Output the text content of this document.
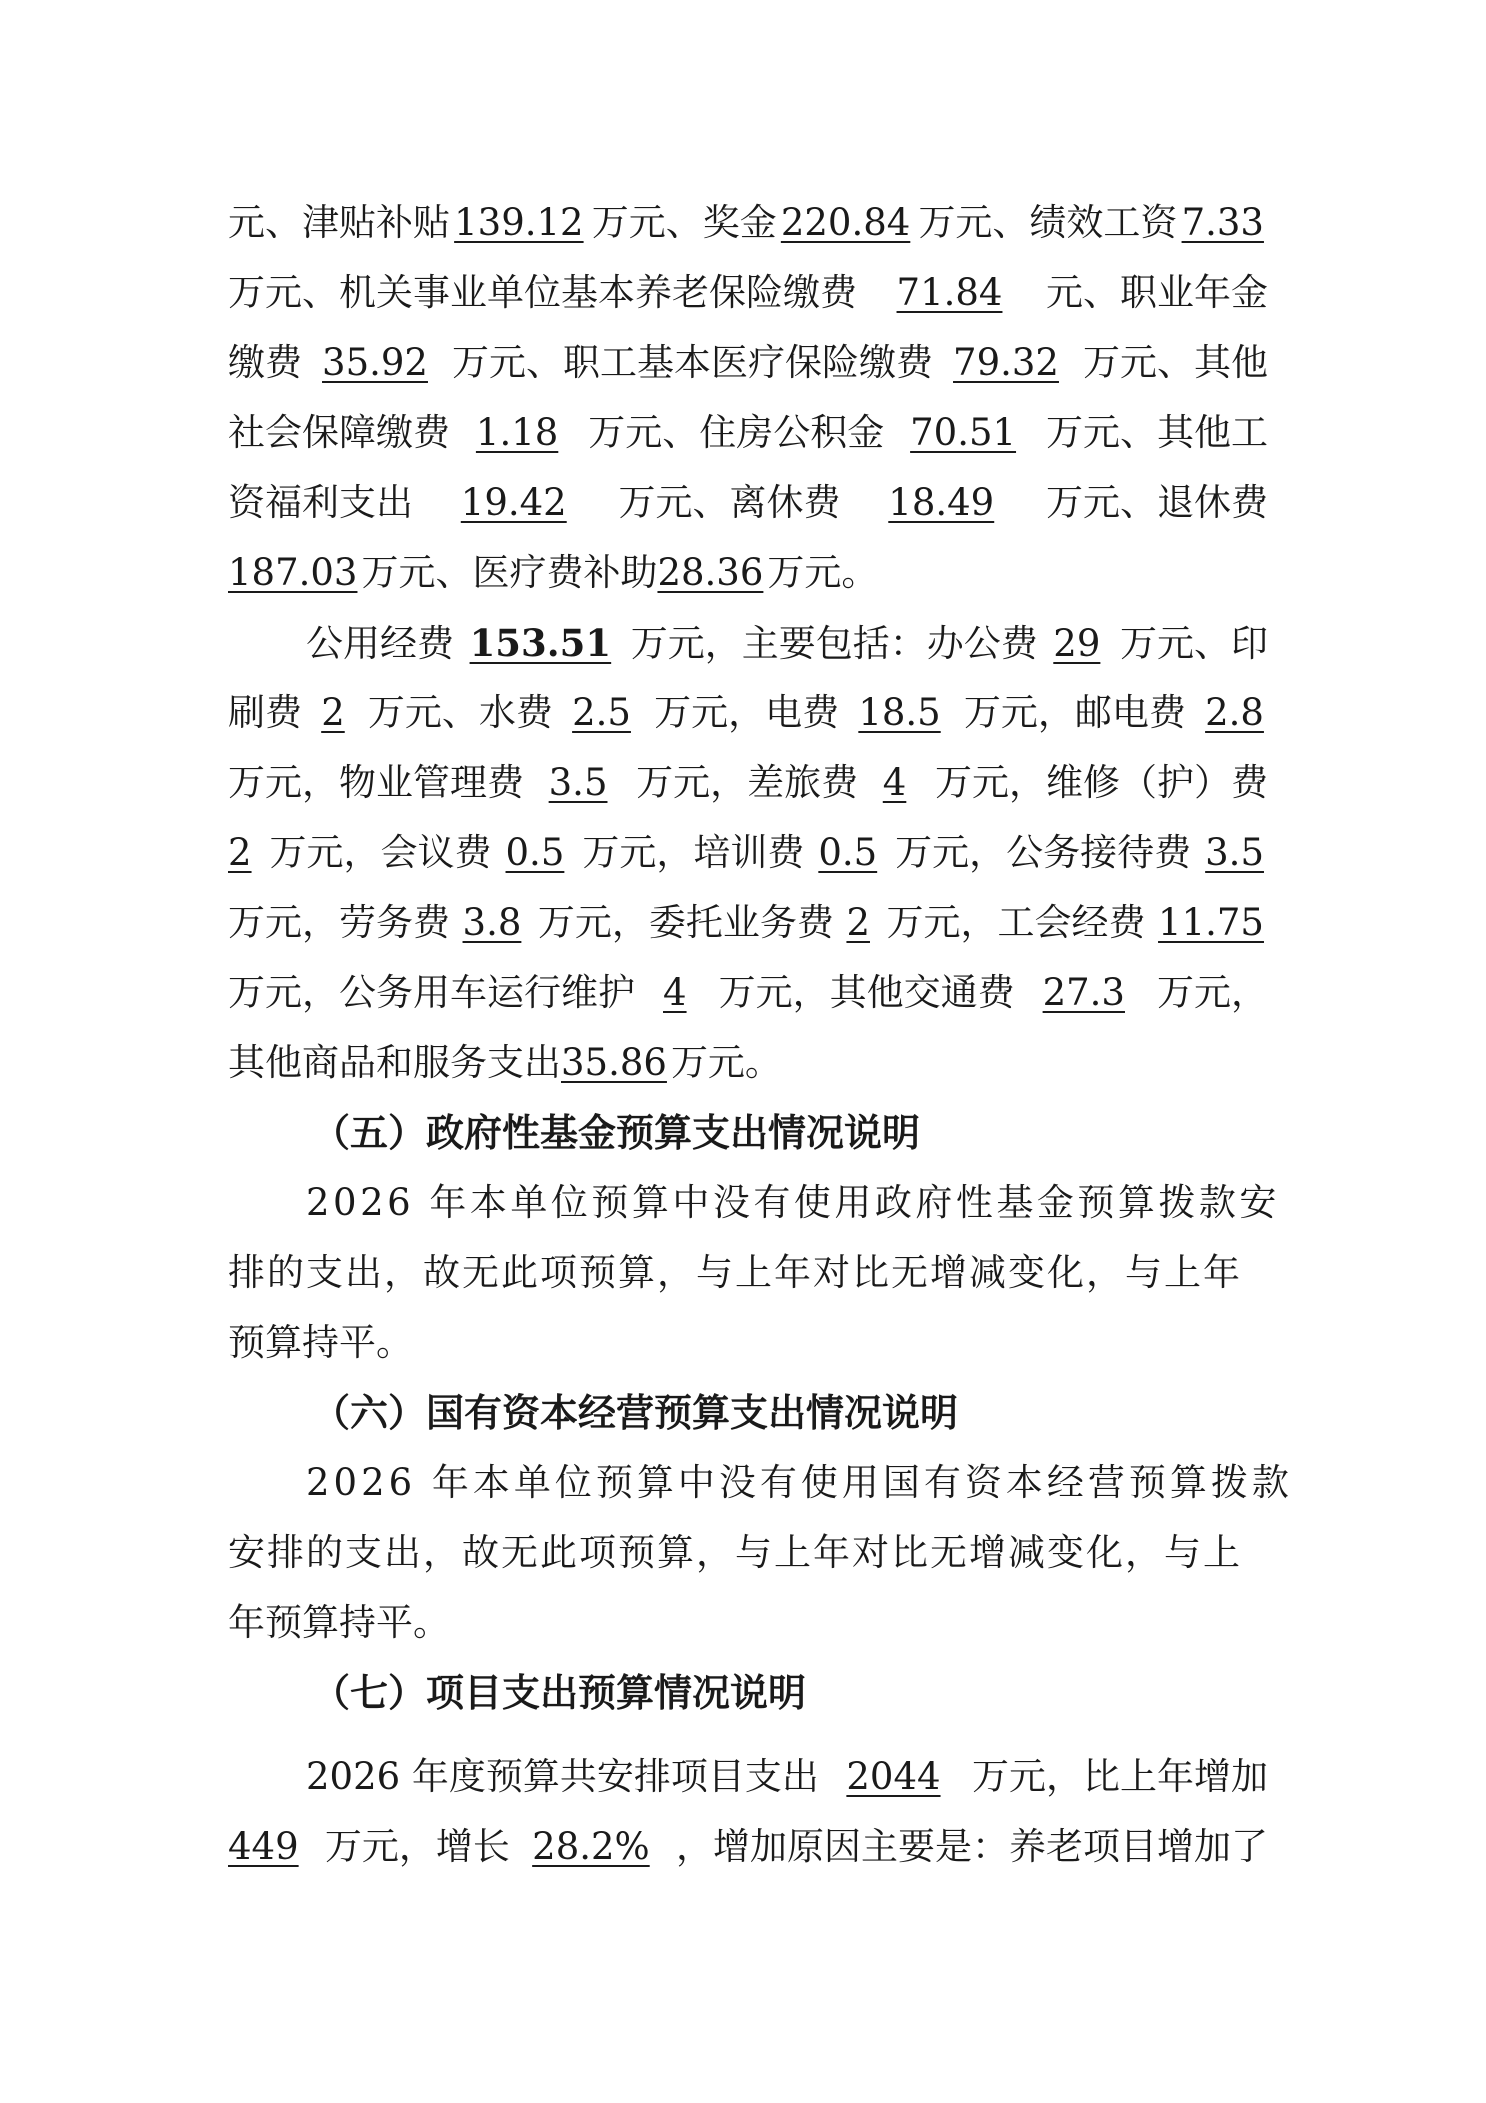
元、津贴补贴 139.12 万元、奖金 220.84 万元、绩效工资 7.33
万元、机关事业单位基本养老保险缴费 71.84 元、职业年金
缴费 35.92 万元、职工基本医疗保险缴费 79.32 万元、其他
社会保障缴费 1.18 万元、住房公积金 70.51 万元、其他工
资福利支出 19.42 万元、离休费 18.49 万元、退休费
187.03 万元、医疗费补助 28.36 万元。
公用经费 153.51 万元，主要包括：办公费 29 万元、印
刷费 2 万元、水费 2.5 万元，电费 18.5 万元，邮电费 2.8
万元，物业管理费 3.5 万元，差旅费 4 万元，维修（护）费
2 万元，会议费 0.5 万元，培训费 0.5 万元，公务接待费 3.5
万元，劳务费 3.8 万元，委托业务费 2 万元，工会经费 11.75
万元，公务用车运行维护 4 万元，其他交通费 27.3 万元，
其他商品和服务支出 35.86 万元。
（五）政府性基金预算支出情况说明
2026 年本单位预算中没有使用政府性基金预算拨款安
排的支出，故无此项预算，与上年对比无增减变化，与上年
预算持平。
（六）国有资本经营预算支出情况说明
2026 年本单位预算中没有使用国有资本经营预算拨款
安排的支出，故无此项预算，与上年对比无增减变化，与上
年预算持平。
（七）项目支出预算情况说明
2026 年度预算共安排项目支出 2044 万元，比上年增加
449 万元，增长 28.2% ，增加原因主要是：养老项目增加了
